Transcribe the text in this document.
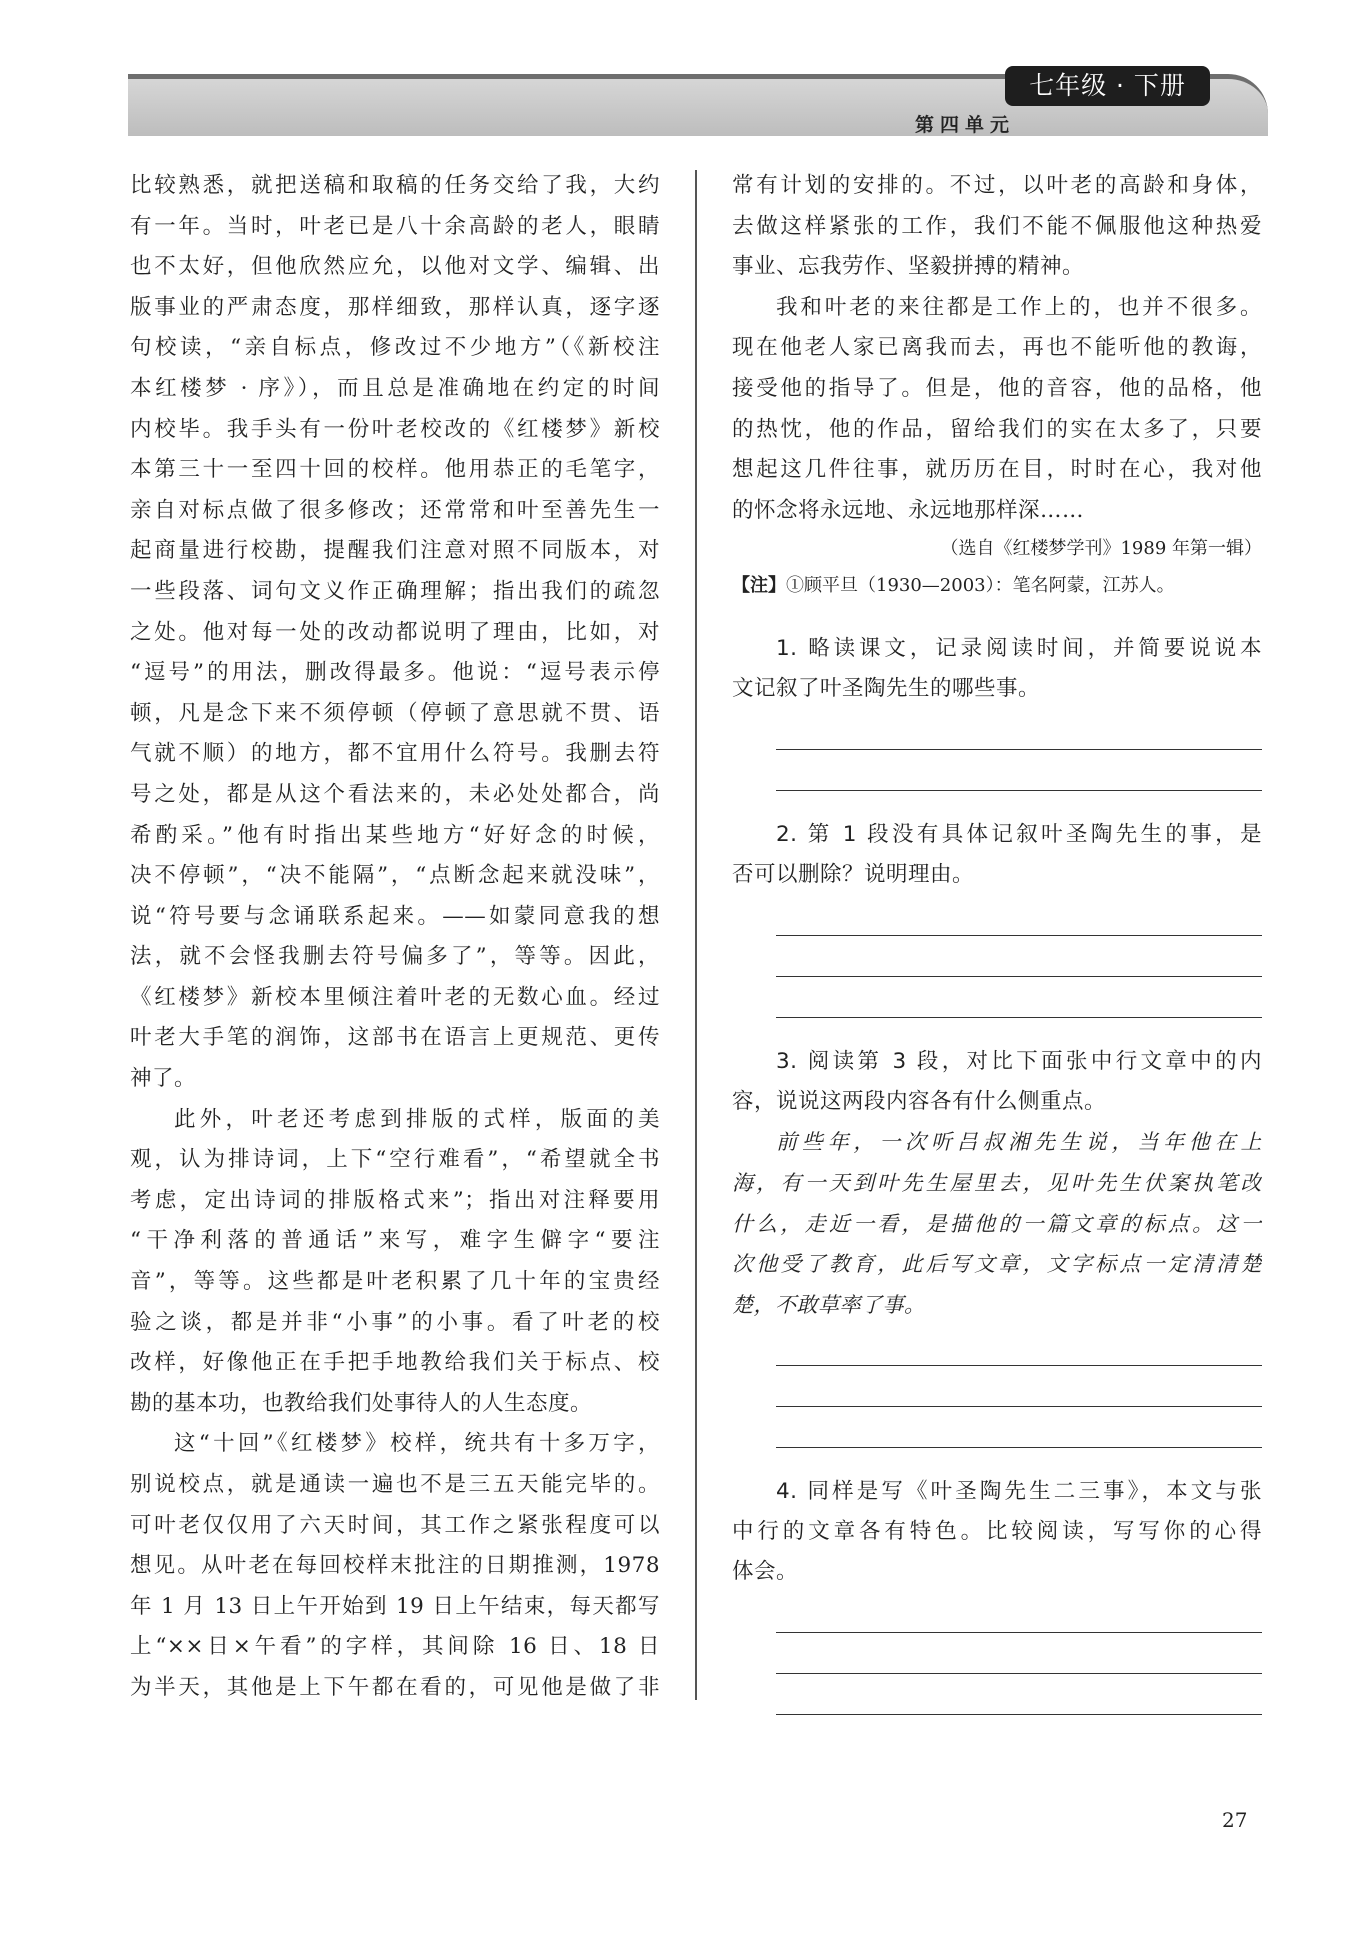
七年级 · 下册
第四单元
比较熟悉，就把送稿和取稿的任务交给了我，大约
有一年。当时，叶老已是八十余高龄的老人，眼睛
也不太好，但他欣然应允，以他对文学、编辑、出
版事业的严肃态度，那样细致，那样认真，逐字逐
句校读，“亲自标点，修改过不少地方”（《新校注
本红楼梦 · 序》），而且总是准确地在约定的时间
内校毕。我手头有一份叶老校改的《红楼梦》新校
本第三十一至四十回的校样。他用恭正的毛笔字，
亲自对标点做了很多修改；还常常和叶至善先生一
起商量进行校勘，提醒我们注意对照不同版本，对
一些段落、词句文义作正确理解；指出我们的疏忽
之处。他对每一处的改动都说明了理由，比如，对
“逗号”的用法，删改得最多。他说：“逗号表示停
顿，凡是念下来不须停顿（停顿了意思就不贯、语
气就不顺）的地方，都不宜用什么符号。我删去符
号之处，都是从这个看法来的，未必处处都合，尚
希酌采。”他有时指出某些地方“好好念的时候，
决不停顿”，“决不能隔”，“点断念起来就没味”，
说“符号要与念诵联系起来。——如蒙同意我的想
法，就不会怪我删去符号偏多了”，等等。因此，
《红楼梦》新校本里倾注着叶老的无数心血。经过
叶老大手笔的润饰，这部书在语言上更规范、更传
神了。
此外，叶老还考虑到排版的式样，版面的美
观，认为排诗词，上下“空行难看”，“希望就全书
考虑，定出诗词的排版格式来”；指出对注释要用
“干净利落的普通话”来写，难字生僻字“要注
音”，等等。这些都是叶老积累了几十年的宝贵经
验之谈，都是并非“小事”的小事。看了叶老的校
改样，好像他正在手把手地教给我们关于标点、校
勘的基本功，也教给我们处事待人的人生态度。
这“十回”《红楼梦》校样，统共有十多万字，
别说校点，就是通读一遍也不是三五天能完毕的。
可叶老仅仅用了六天时间，其工作之紧张程度可以
想见。从叶老在每回校样末批注的日期推测，1978
年 1 月 13 日上午开始到 19 日上午结束，每天都写
上“××日×午看”的字样，其间除 16 日、18 日
为半天，其他是上下午都在看的，可见他是做了非
常有计划的安排的。不过，以叶老的高龄和身体，
去做这样紧张的工作，我们不能不佩服他这种热爱
事业、忘我劳作、坚毅拼搏的精神。
我和叶老的来往都是工作上的，也并不很多。
现在他老人家已离我而去，再也不能听他的教诲，
接受他的指导了。但是，他的音容，他的品格，他
的热忱，他的作品，留给我们的实在太多了，只要
想起这几件往事，就历历在目，时时在心，我对他
的怀念将永远地、永远地那样深……
（选自《红楼梦学刊》1989 年第一辑）
【注】①顾平旦（1930—2003）：笔名阿蒙，江苏人。
1. 略读课文，记录阅读时间，并简要说说本
文记叙了叶圣陶先生的哪些事。
2. 第 1 段没有具体记叙叶圣陶先生的事，是
否可以删除？说明理由。
3. 阅读第 3 段，对比下面张中行文章中的内
容，说说这两段内容各有什么侧重点。
前些年，一次听吕叔湘先生说，当年他在上
海，有一天到叶先生屋里去，见叶先生伏案执笔改
什么，走近一看，是描他的一篇文章的标点。这一
次他受了教育，此后写文章，文字标点一定清清楚
楚，不敢草率了事。
4. 同样是写《叶圣陶先生二三事》，本文与张
中行的文章各有特色。比较阅读，写写你的心得
体会。
27
